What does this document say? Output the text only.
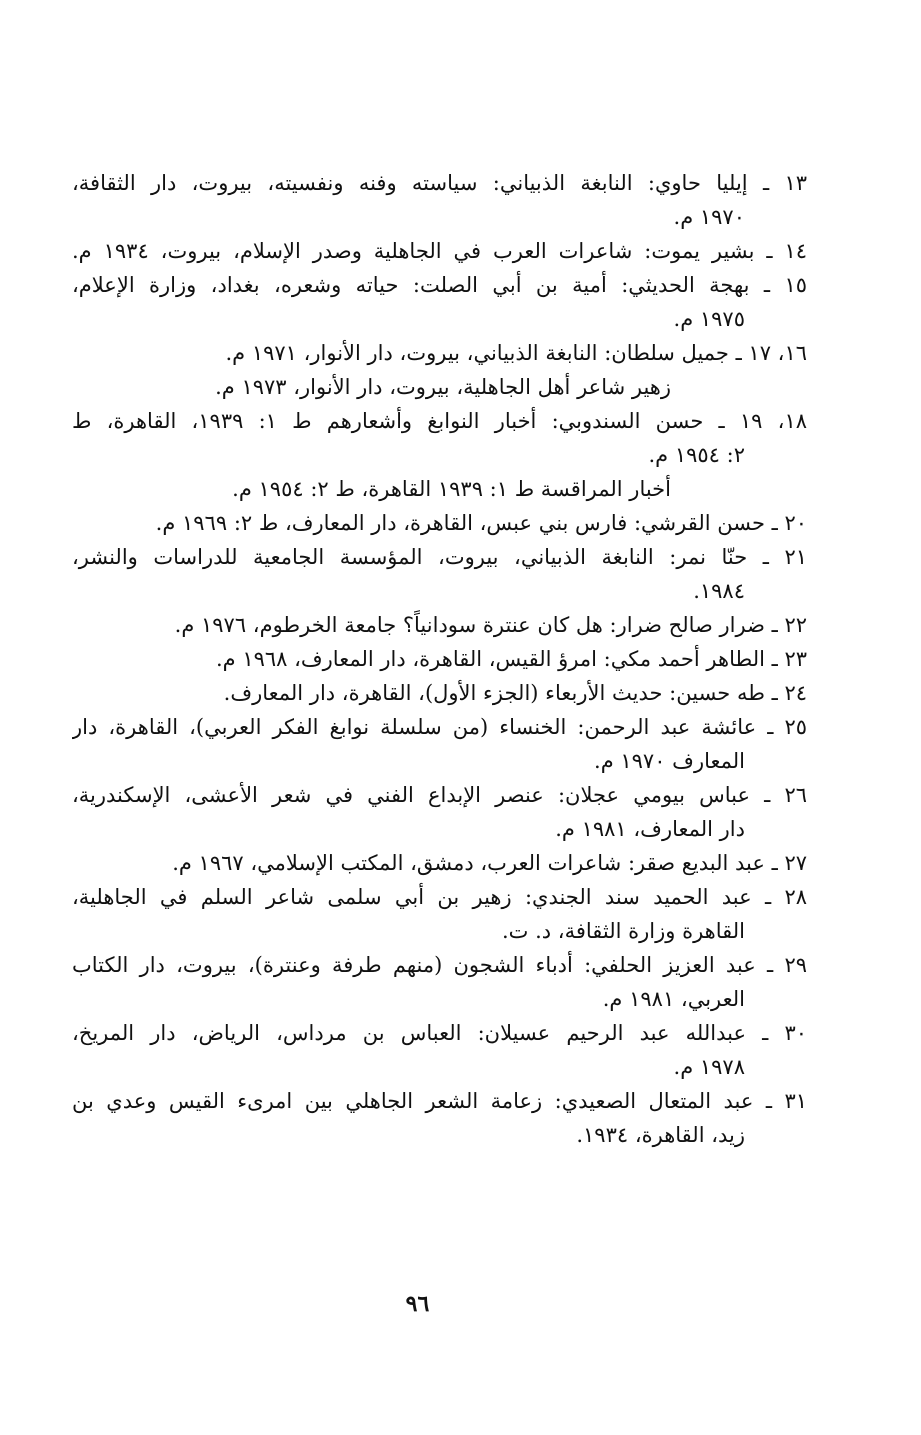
١٣ ـ إيليا حاوي: النابغة الذبياني: سياسته وفنه ونفسيته، بيروت، دار الثقافة،
١٩٧٠ م.
١٤ ـ بشير يموت: شاعرات العرب في الجاهلية وصدر الإسلام، بيروت، ١٩٣٤ م.
١٥ ـ بهجة الحديثي: أمية بن أبي الصلت: حياته وشعره، بغداد، وزارة الإعلام،
١٩٧٥ م.
١٦، ١٧ ـ جميل سلطان: النابغة الذبياني، بيروت، دار الأنوار، ١٩٧١ م.
زهير شاعر أهل الجاهلية، بيروت، دار الأنوار، ١٩٧٣ م.
١٨، ١٩ ـ حسن السندوبي: أخبار النوابغ وأشعارهم ط ١: ١٩٣٩، القاهرة، ط
٢: ١٩٥٤ م.
أخبار المراقسة ط ١: ١٩٣٩ القاهرة، ط ٢: ١٩٥٤ م.
٢٠ ـ حسن القرشي: فارس بني عبس، القاهرة، دار المعارف، ط ٢: ١٩٦٩ م.
٢١ ـ حنّا نمر: النابغة الذبياني، بيروت، المؤسسة الجامعية للدراسات والنشر،
١٩٨٤.
٢٢ ـ ضرار صالح ضرار: هل كان عنترة سودانياً؟ جامعة الخرطوم، ١٩٧٦ م.
٢٣ ـ الطاهر أحمد مكي: امرؤ القيس، القاهرة، دار المعارف، ١٩٦٨ م.
٢٤ ـ طه حسين: حديث الأربعاء (الجزء الأول)، القاهرة، دار المعارف.
٢٥ ـ عائشة عبد الرحمن: الخنساء (من سلسلة نوابغ الفكر العربي)، القاهرة، دار
المعارف ١٩٧٠ م.
٢٦ ـ عباس بيومي عجلان: عنصر الإبداع الفني في شعر الأعشى، الإسكندرية،
دار المعارف، ١٩٨١ م.
٢٧ ـ عبد البديع صقر: شاعرات العرب، دمشق، المكتب الإسلامي، ١٩٦٧ م.
٢٨ ـ عبد الحميد سند الجندي: زهير بن أبي سلمى شاعر السلم في الجاهلية،
القاهرة وزارة الثقافة، د. ت.
٢٩ ـ عبد العزيز الحلفي: أدباء الشجون (منهم طرفة وعنترة)، بيروت، دار الكتاب
العربي، ١٩٨١ م.
٣٠ ـ عبدالله عبد الرحيم عسيلان: العباس بن مرداس، الرياض، دار المريخ،
١٩٧٨ م.
٣١ ـ عبد المتعال الصعيدي: زعامة الشعر الجاهلي بين امرىء القيس وعدي بن
زيد، القاهرة، ١٩٣٤.
٩٦
